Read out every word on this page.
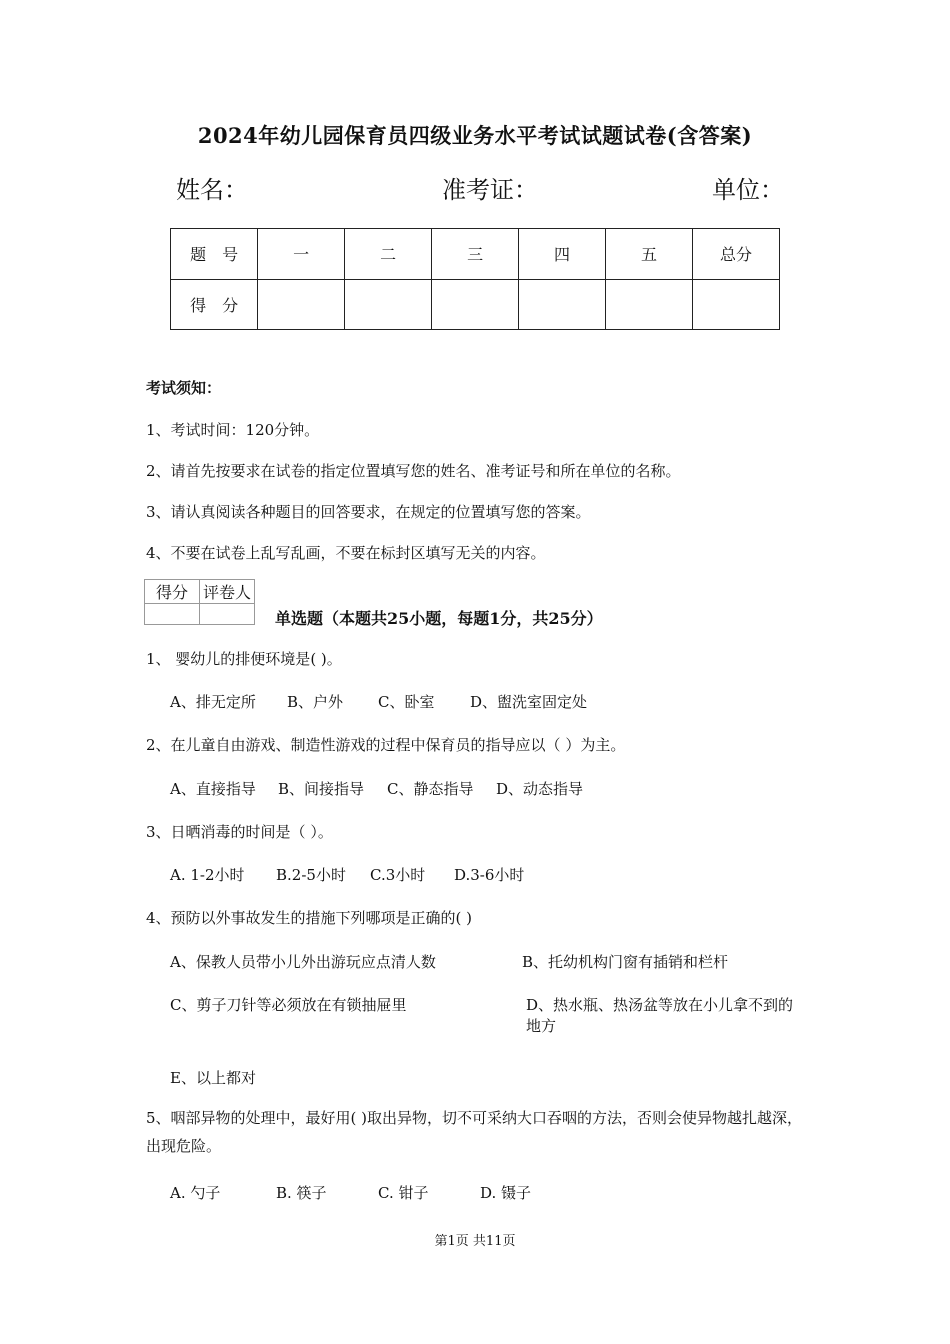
2024年幼儿园保育员四级业务水平考试试题试卷(含答案)
姓名：	准考证：	单位：
题　号	一	二	三	四	五	总分
得　分						
考试须知：
1、考试时间：120分钟。
2、请首先按要求在试卷的指定位置填写您的姓名、准考证号和所在单位的名称。
3、请认真阅读各种题目的回答要求，在规定的位置填写您的答案。
4、不要在试卷上乱写乱画，不要在标封区填写无关的内容。
得分	评卷人

单选题（本题共25小题，每题1分，共25分）
1、 婴幼儿的排便环境是( )。
A、排无定所 B、户外 C、卧室 D、盥洗室固定处
2、在儿童自由游戏、制造性游戏的过程中保育员的指导应以（ ）为主。
A、直接指导 B、间接指导 C、静态指导 D、动态指导
3、日晒消毒的时间是（ ）。
A. 1-2小时 B.2-5小时 C.3小时 D.3-6小时
4、预防以外事故发生的措施下列哪项是正确的( )
A、保教人员带小儿外出游玩应点清人数	B、托幼机构门窗有插销和栏杆
C、剪子刀针等必须放在有锁抽屉里	D、热水瓶、热汤盆等放在小儿拿不到的地方
E、以上都对
5、咽部异物的处理中，最好用( )取出异物，切不可采纳大口吞咽的方法，否则会使异物越扎越深，出现危险。
A. 勺子	B. 筷子	C. 钳子	D. 镊子
第1页 共11页
